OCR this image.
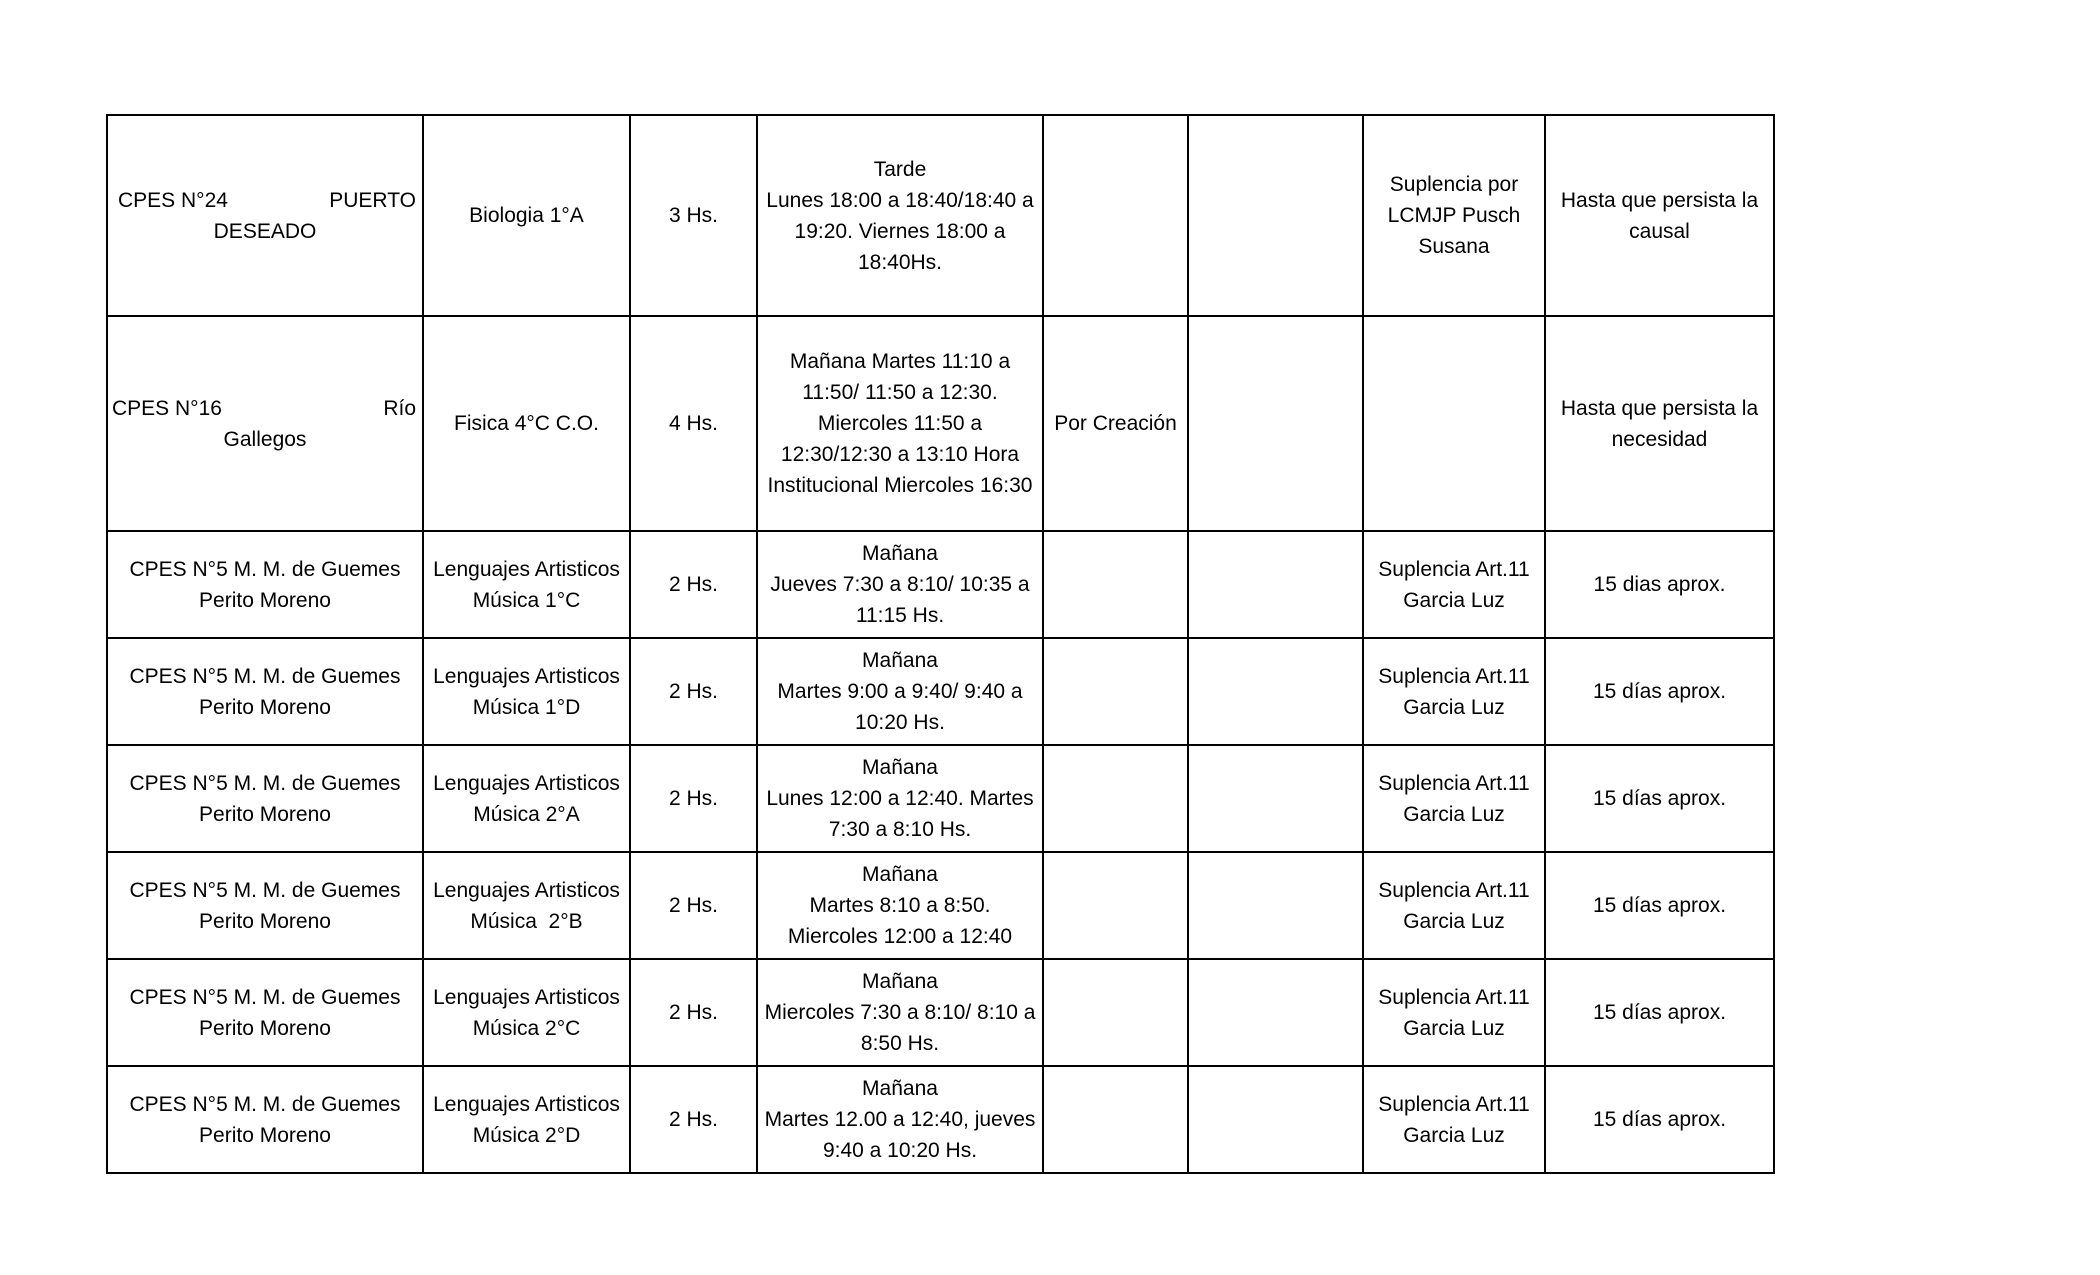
CPES N°24 PUERTO
DESEADO	Biologia 1°A	3 Hs.	Tarde
Lunes 18:00 a 18:40/18:40 a
19:20. Viernes 18:00 a
18:40Hs.			Suplencia por
LCMJP Pusch
Susana	Hasta que persista la
causal

CPES N°16 Río
Gallegos	Fisica 4°C C.O.	4 Hs.	Mañana Martes 11:10 a
11:50/ 11:50 a 12:30.
Miercoles 11:50 a
12:30/12:30 a 13:10 Hora
Institucional Miercoles 16:30	Por Creación			Hasta que persista la
necesidad

CPES N°5 M. M. de Guemes
Perito Moreno	Lenguajes Artisticos
Música 1°C	2 Hs.	Mañana
Jueves 7:30 a 8:10/ 10:35 a
11:15 Hs.			Suplencia Art.11
Garcia Luz	15 dias aprox.

CPES N°5 M. M. de Guemes
Perito Moreno	Lenguajes Artisticos
Música 1°D	2 Hs.	Mañana
Martes 9:00 a 9:40/ 9:40 a
10:20 Hs.			Suplencia Art.11
Garcia Luz	15 días aprox.

CPES N°5 M. M. de Guemes
Perito Moreno	Lenguajes Artisticos
Música 2°A	2 Hs.	Mañana
Lunes 12:00 a 12:40. Martes
7:30 a 8:10 Hs.			Suplencia Art.11
Garcia Luz	15 días aprox.

CPES N°5 M. M. de Guemes
Perito Moreno	Lenguajes Artisticos
Música  2°B	2 Hs.	Mañana
Martes 8:10 a 8:50.
Miercoles 12:00 a 12:40			Suplencia Art.11
Garcia Luz	15 días aprox.

CPES N°5 M. M. de Guemes
Perito Moreno	Lenguajes Artisticos
Música 2°C	2 Hs.	Mañana
Miercoles 7:30 a 8:10/ 8:10 a
8:50 Hs.			Suplencia Art.11
Garcia Luz	15 días aprox.

CPES N°5 M. M. de Guemes
Perito Moreno	Lenguajes Artisticos
Música 2°D	2 Hs.	Mañana
Martes 12.00 a 12:40, jueves
9:40 a 10:20 Hs.			Suplencia Art.11
Garcia Luz	15 días aprox.
